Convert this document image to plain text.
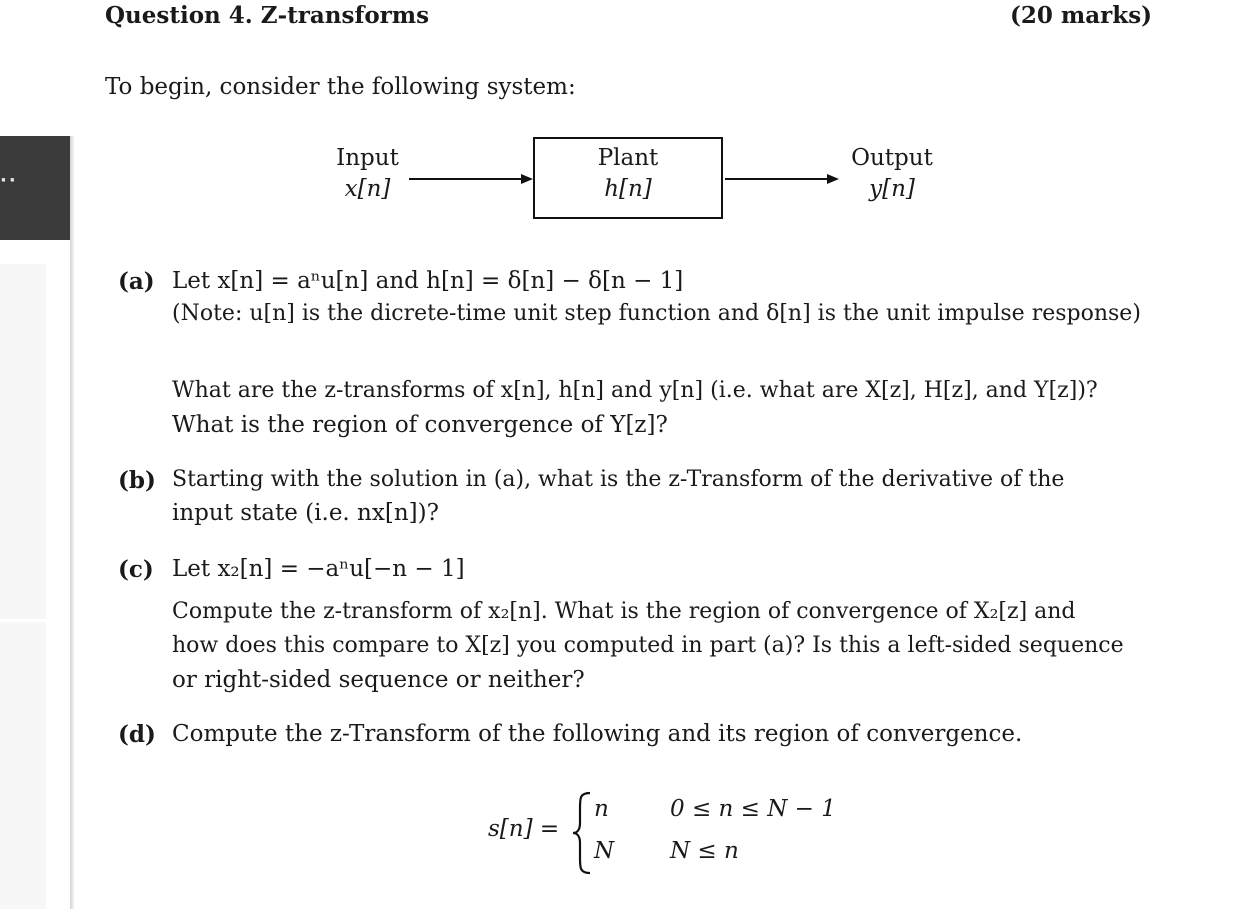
··
Question 4. Z-transforms	(20 marks)
To begin, consider the following system:
Input
x[n]
Plant
h[n]
Output
y[n]
(a) Let x[n] = aⁿu[n] and h[n] = δ[n] − δ[n − 1]
(Note: u[n] is the dicrete-time unit step function and δ[n] is the unit impulse response)
What are the z-transforms of x[n], h[n] and y[n] (i.e. what are X[z], H[z], and Y[z])?
What is the region of convergence of Y[z]?
(b) Starting with the solution in (a), what is the z-Transform of the derivative of the
input state (i.e. nx[n])?
(c) Let x₂[n] = −aⁿu[−n − 1]
Compute the z-transform of x₂[n]. What is the region of convergence of X₂[z] and
how does this compare to X[z] you computed in part (a)? Is this a left-sided sequence
or right-sided sequence or neither?
(d) Compute the z-Transform of the following and its region of convergence.
s[n] =
n	0 ≤ n ≤ N − 1
N N ≤ n
